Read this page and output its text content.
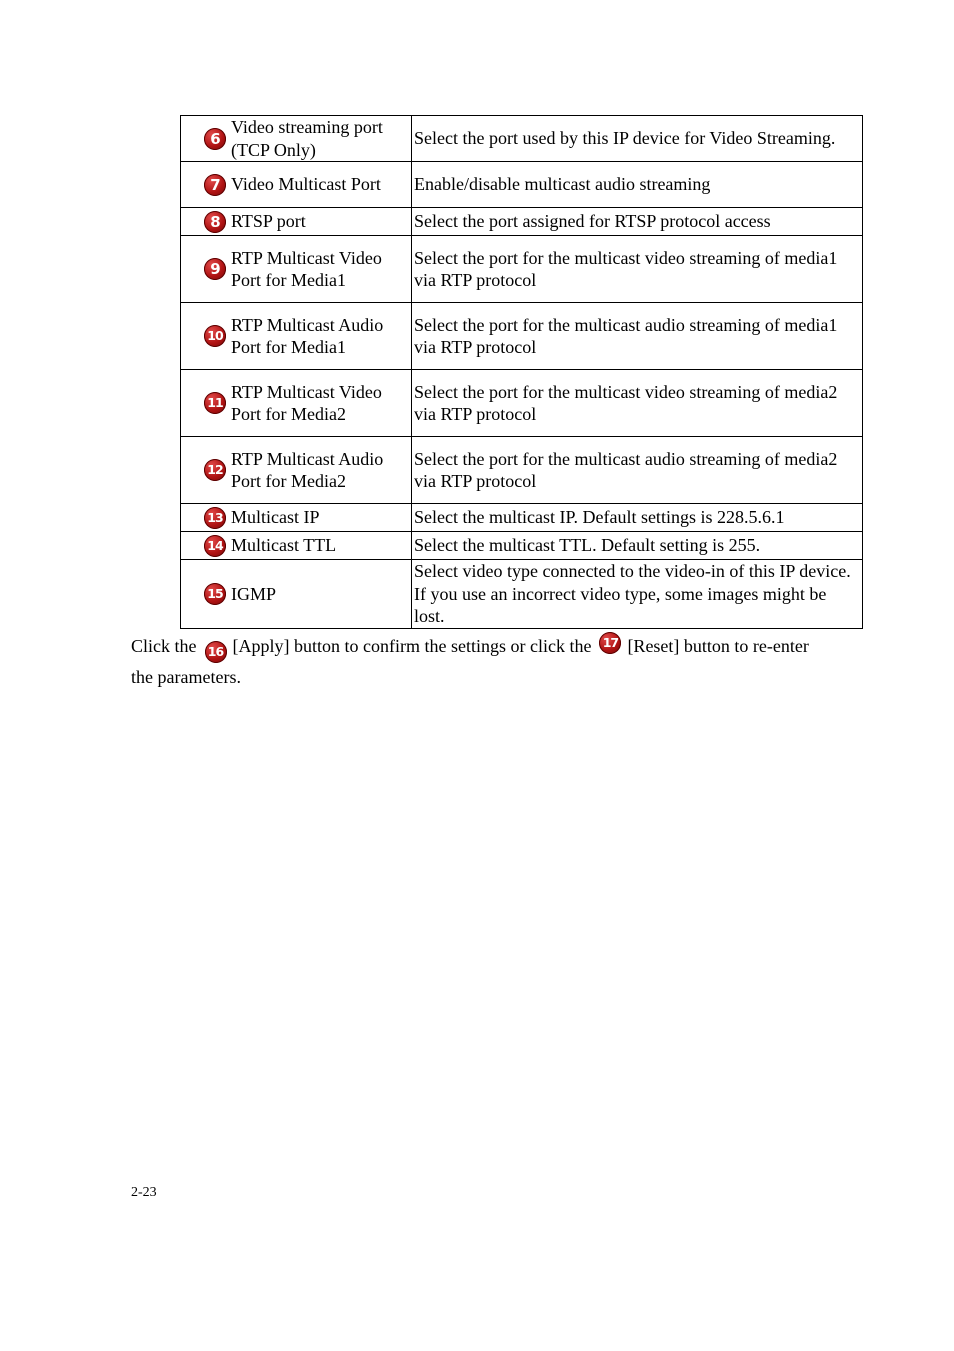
6
Video streaming port (TCP Only)	Select the port used by this IP device for Video Streaming.

7 Video Multicast Port	Enable/disable multicast audio streaming

8 RTSP port	Select the port assigned for RTSP protocol access

9
RTP Multicast Video Port for Media1	Select the port for the multicast video streaming of media1 via RTP protocol

10
RTP Multicast Audio Port for Media1	Select the port for the multicast audio streaming of media1 via RTP protocol

11
RTP Multicast Video Port for Media2	Select the port for the multicast video streaming of media2 via RTP protocol

12
RTP Multicast Audio Port for Media2	Select the port for the multicast audio streaming of media2 via RTP protocol

13 Multicast IP	Select the multicast IP. Default settings is 228.5.6.1

14 Multicast TTL	Select the multicast TTL. Default setting is 255.

15 IGMP	Select video type connected to the video-in of this IP device. If you use an incorrect video type, some images might be lost.
Click the 16 [Apply] button to confirm the settings or click the 17 [Reset] button to re-enter the parameters.
2-23
